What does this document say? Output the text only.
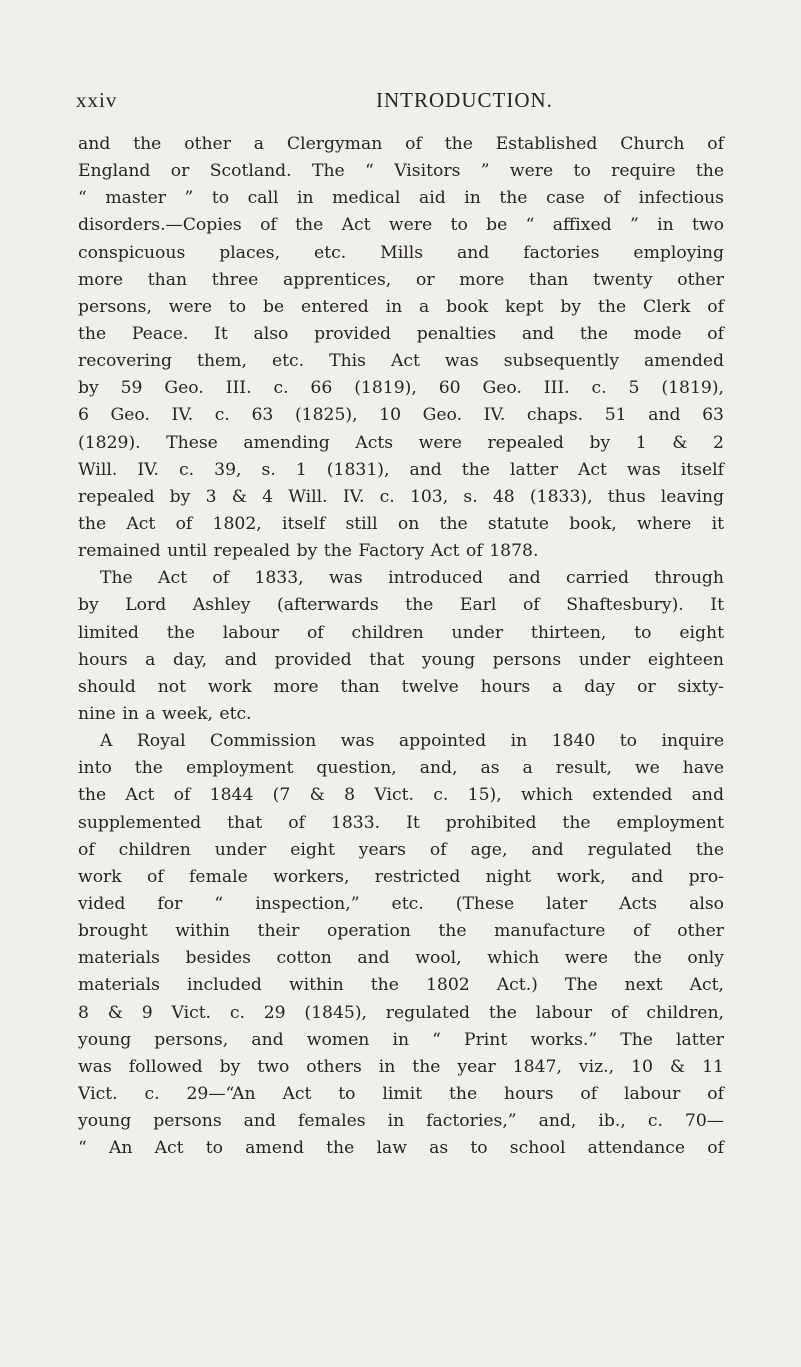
xxiv	INTRODUCTION.
and the other a Clergyman of the Established Church of
England or Scotland. The “ Visitors ” were to require the
“ master ” to call in medical aid in the case of infectious
disorders.—Copies of the Act were to be “ affixed ” in two
conspicuous places, etc. Mills and factories employing
more than three apprentices, or more than twenty other
persons, were to be entered in a book kept by the Clerk of
the Peace. It also provided penalties and the mode of
recovering them, etc. This Act was subsequently amended
by 59 Geo. III. c. 66 (1819), 60 Geo. III. c. 5 (1819),
6 Geo. IV. c. 63 (1825), 10 Geo. IV. chaps. 51 and 63
(1829). These amending Acts were repealed by 1 & 2
Will. IV. c. 39, s. 1 (1831), and the latter Act was itself
repealed by 3 & 4 Will. IV. c. 103, s. 48 (1833), thus leaving
the Act of 1802, itself still on the statute book, where it
remained until repealed by the Factory Act of 1878.
The Act of 1833, was introduced and carried through
by Lord Ashley (afterwards the Earl of Shaftesbury). It
limited the labour of children under thirteen, to eight
hours a day, and provided that young persons under eighteen
should not work more than twelve hours a day or sixty-
nine in a week, etc.
A Royal Commission was appointed in 1840 to inquire
into the employment question, and, as a result, we have
the Act of 1844 (7 & 8 Vict. c. 15), which extended and
supplemented that of 1833. It prohibited the employment
of children under eight years of age, and regulated the
work of female workers, restricted night work, and pro-
vided for “ inspection,” etc. (These later Acts also
brought within their operation the manufacture of other
materials besides cotton and wool, which were the only
materials included within the 1802 Act.) The next Act,
8 & 9 Vict. c. 29 (1845), regulated the labour of children,
young persons, and women in “ Print works.” The latter
was followed by two others in the year 1847, viz., 10 & 11
Vict. c. 29—“An Act to limit the hours of labour of
young persons and females in factories,” and, ib., c. 70—
“ An Act to amend the law as to school attendance of
